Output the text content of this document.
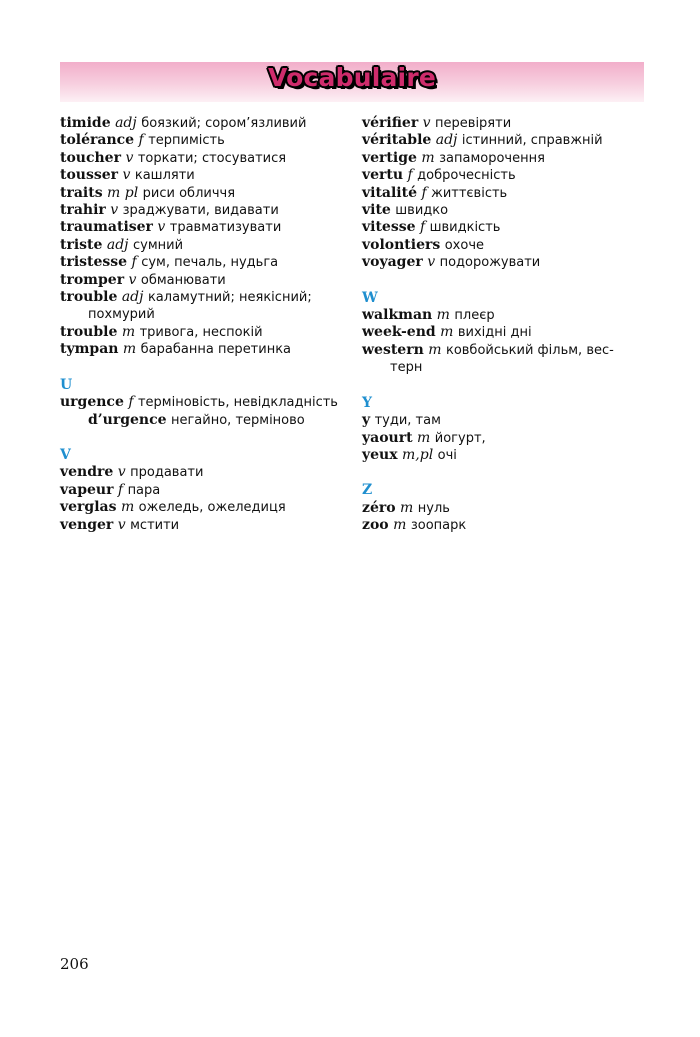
Vocabulaire
timide adj боязкий; сором’язливий
tolérance f терпимість
toucher v торкати; стосуватися
tousser v кашляти
traits m pl риси обличчя
trahir v зраджувати, видавати
traumatiser v травматизувати
triste adj сумний
tristesse f сум, печаль, нудьга
tromper v обманювати
trouble adj каламутний; неякісний;
похмурий
trouble m тривога, неспокій
tympan m барабанна перетинка
U
urgence f терміновість, невідкладність
d’urgence негайно, терміново
V
vendre v продавати
vapeur f пара
verglas m ожеледь, ожеледиця
venger v мстити
vérifier v перевіряти
véritable adj істинний, справжній
vertige m запаморочення
vertu f доброчесність
vitalité f життєвість
vite швидко
vitesse f швидкість
volontiers охоче
voyager v подорожувати
W
walkman m плеєр
week-end m вихідні дні
western m ковбойський фільм, вес-
терн
Y
y туди, там
yaourt m йогурт,
yeux m,pl очі
Z
zéro m нуль
zoo m зоопарк
206
